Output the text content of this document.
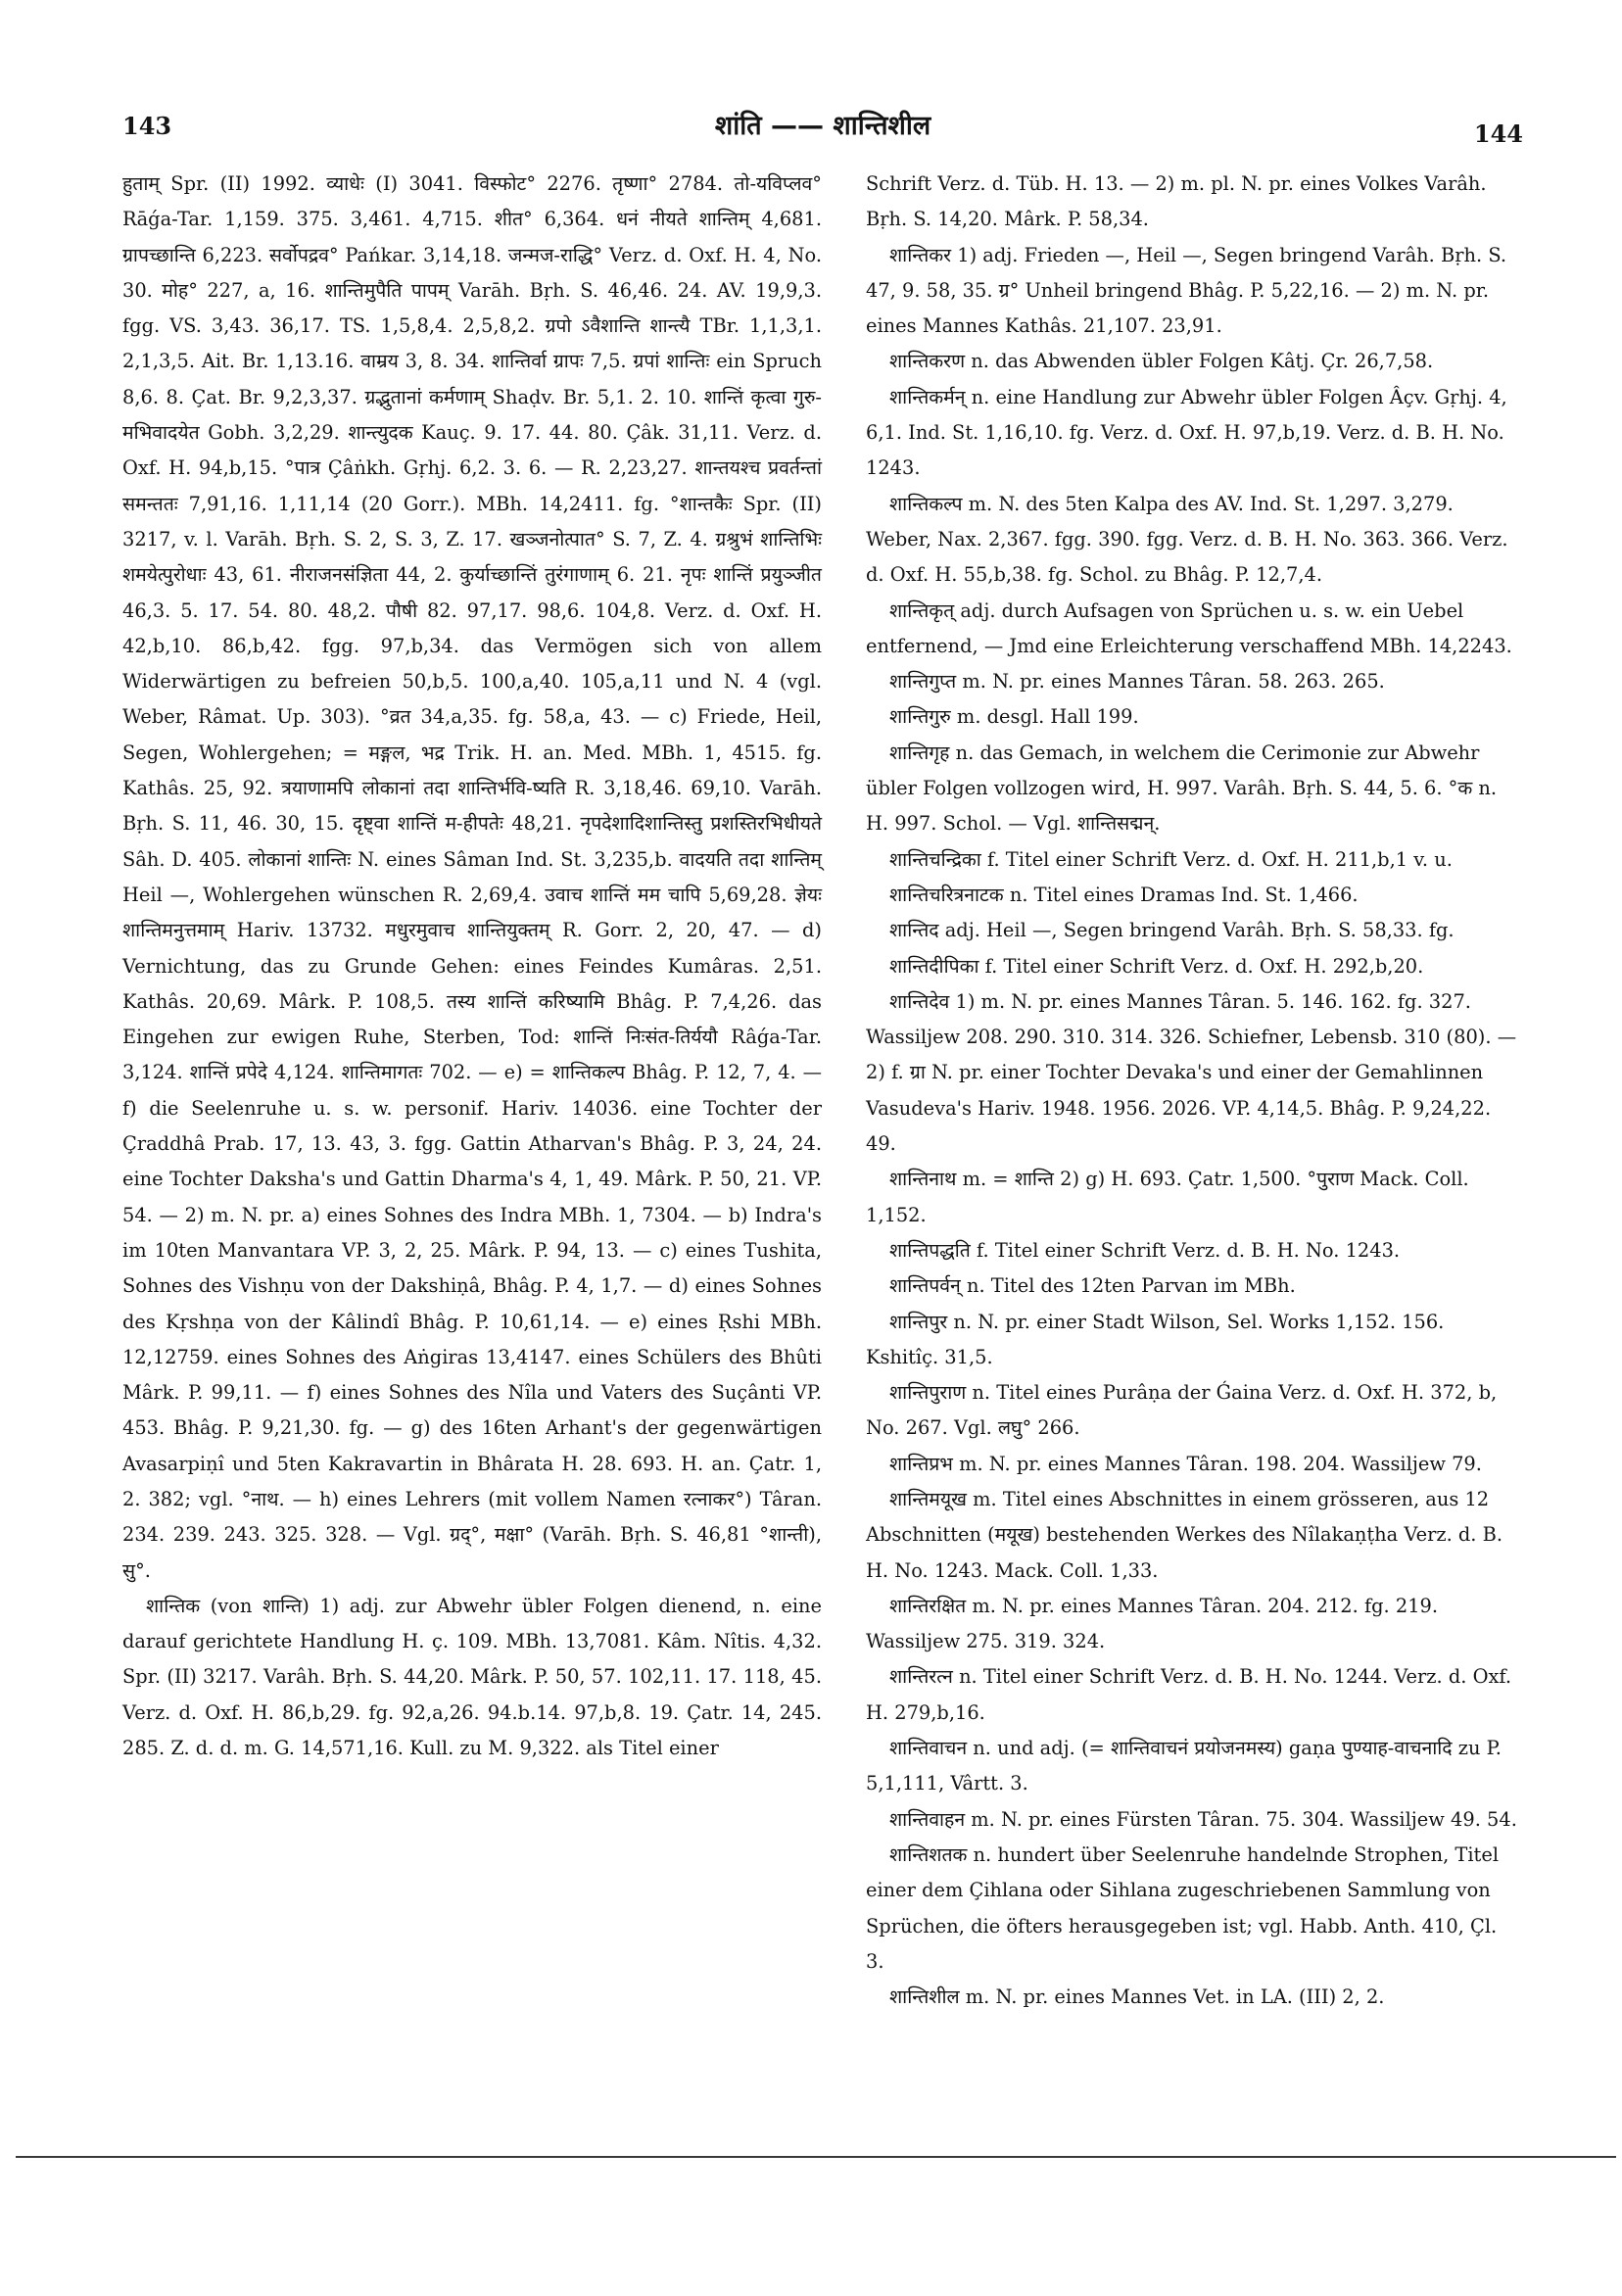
143	शांति —— शान्तिशील	144

हुताम् Spr. (II) 1992. व्याधेः (I) 3041. विस्फोट° 2276. तृष्णा° 2784. तो-यविप्लव° Rāǵa-Tar. 1,159. 375. 3,461. 4,715. शीत° 6,364. धनं नीयते शान्तिम् 4,681. ग्रापच्छान्ति 6,223. सर्वोपद्रव° Pańkar. 3,14,18. जन्मज-राद्धि° Verz. d. Oxf. H. 4, No. 30. मोह° 227, a, 16. शान्तिमुपैति पापम् Varāh. Bṛh. S. 46,46. 24. AV. 19,9,3. fgg. VS. 3,43. 36,17. TS. 1,5,8,4. 2,5,8,2. ग्रपो ऽवैशान्ति शान्त्यै TBr. 1,1,3,1. 2,1,3,5. Ait. Br. 1,13.16. वाम्रय 3, 8. 34. शान्तिर्वा ग्रापः 7,5. ग्रपां शान्तिः ein Spruch 8,6. 8. Çat. Br. 9,2,3,37. ग्रद्भुतानां कर्मणाम् Shaḍv. Br. 5,1. 2. 10. शान्तिं कृत्वा गुरु-मभिवादयेत Gobh. 3,2,29. शान्त्युदक Kauç. 9. 17. 44. 80. Çâk. 31,11. Verz. d. Oxf. H. 94,b,15. °पात्र Çâṅkh. Gṛhj. 6,2. 3. 6. — R. 2,23,27. शान्तयश्च प्रवर्तन्तां समन्ततः 7,91,16. 1,11,14 (20 Gorr.). MBh. 14,2411. fg. °शान्तकैः Spr. (II) 3217, v. l. Varāh. Bṛh. S. 2, S. 3, Z. 17. खञ्जनोत्पात° S. 7, Z. 4. ग्रश्रुभं शान्तिभिः शमयेत्पुरोधाः 43, 61. नीराजनसंज्ञिता 44, 2. कुर्याच्छान्तिं तुरंगाणाम् 6. 21. नृपः शान्तिं प्रयुञ्जीत 46,3. 5. 17. 54. 80. 48,2. पौषी 82. 97,17. 98,6. 104,8. Verz. d. Oxf. H. 42,b,10. 86,b,42. fgg. 97,b,34. das Vermögen sich von allem Widerwärtigen zu befreien 50,b,5. 100,a,40. 105,a,11 und N. 4 (vgl. Weber, Râmat. Up. 303). °व्रत 34,a,35. fg. 58,a, 43. — c) Friede, Heil, Segen, Wohlergehen; = मङ्गल, भद्र Trik. H. an. Med. MBh. 1, 4515. fg. Kathâs. 25, 92. त्रयाणामपि लोकानां तदा शान्तिर्भवि-ष्यति R. 3,18,46. 69,10. Varāh. Bṛh. S. 11, 46. 30, 15. दृष्ट्वा शान्तिं म-हीपतेः 48,21. नृपदेशादिशान्तिस्तु प्रशस्तिरभिधीयते Sâh. D. 405. लोकानां शान्तिः N. eines Sâman Ind. St. 3,235,b. वादयति तदा शान्तिम् Heil —, Wohlergehen wünschen R. 2,69,4. उवाच शान्तिं मम चापि 5,69,28. ज्ञेयः शान्तिमनुत्तमाम् Hariv. 13732. मधुरमुवाच शान्तियुक्तम् R. Gorr. 2, 20, 47. — d) Vernichtung, das zu Grunde Gehen: eines Feindes Kumâras. 2,51. Kathâs. 20,69. Mârk. P. 108,5. तस्य शान्तिं करिष्यामि Bhâg. P. 7,4,26. das Eingehen zur ewigen Ruhe, Sterben, Tod: शान्तिं निःसंत-तिर्ययौ Râǵa-Tar. 3,124. शान्तिं प्रपेदे 4,124. शान्तिमागतः 702. — e) = शान्तिकल्प Bhâg. P. 12, 7, 4. — f) die Seelenruhe u. s. w. personif. Hariv. 14036. eine Tochter der Çraddhâ Prab. 17, 13. 43, 3. fgg. Gattin Atharvan's Bhâg. P. 3, 24, 24. eine Tochter Daksha's und Gattin Dharma's 4, 1, 49. Mârk. P. 50, 21. VP. 54. — 2) m. N. pr. a) eines Sohnes des Indra MBh. 1, 7304. — b) Indra's im 10ten Manvantara VP. 3, 2, 25. Mârk. P. 94, 13. — c) eines Tushita, Sohnes des Vishṇu von der Dakshiṇâ, Bhâg. P. 4, 1,7. — d) eines Sohnes des Kṛshṇa von der Kâlindî Bhâg. P. 10,61,14. — e) eines Ṛshi MBh. 12,12759. eines Sohnes des Aṅgiras 13,4147. eines Schülers des Bhûti Mârk. P. 99,11. — f) eines Sohnes des Nîla und Vaters des Suçânti VP. 453. Bhâg. P. 9,21,30. fg. — g) des 16ten Arhant's der gegenwärtigen Avasarpiṇî und 5ten Kakravartin in Bhârata H. 28. 693. H. an. Çatr. 1, 2. 382; vgl. °नाथ. — h) eines Lehrers (mit vollem Namen रत्नाकर°) Târan. 234. 239. 243. 325. 328. — Vgl. ग्रद्°, मक्षा° (Varāh. Bṛh. S. 46,81 °शान्ती), सु°.

शान्तिक (von शान्ति) 1) adj. zur Abwehr übler Folgen dienend, n. eine darauf gerichtete Handlung H. ç. 109. MBh. 13,7081. Kâm. Nîtis. 4,32. Spr. (II) 3217. Varâh. Bṛh. S. 44,20. Mârk. P. 50, 57. 102,11. 17. 118, 45. Verz. d. Oxf. H. 86,b,29. fg. 92,a,26. 94.b.14. 97,b,8. 19. Çatr. 14, 245. 285. Z. d. d. m. G. 14,571,16. Kull. zu M. 9,322. als Titel einer

Schrift Verz. d. Tüb. H. 13. — 2) m. pl. N. pr. eines Volkes Varâh. Bṛh. S. 14,20. Mârk. P. 58,34.

शान्तिकर 1) adj. Frieden —, Heil —, Segen bringend Varâh. Bṛh. S. 47, 9. 58, 35. ग्र° Unheil bringend Bhâg. P. 5,22,16. — 2) m. N. pr. eines Mannes Kathâs. 21,107. 23,91.

शान्तिकरण n. das Abwenden übler Folgen Kâtj. Çr. 26,7,58.

शान्तिकर्मन् n. eine Handlung zur Abwehr übler Folgen Âçv. Gṛhj. 4, 6,1. Ind. St. 1,16,10. fg. Verz. d. Oxf. H. 97,b,19. Verz. d. B. H. No. 1243.

शान्तिकल्प m. N. des 5ten Kalpa des AV. Ind. St. 1,297. 3,279. Weber, Nax. 2,367. fgg. 390. fgg. Verz. d. B. H. No. 363. 366. Verz. d. Oxf. H. 55,b,38. fg. Schol. zu Bhâg. P. 12,7,4.

शान्तिकृत् adj. durch Aufsagen von Sprüchen u. s. w. ein Uebel entfernend, — Jmd eine Erleichterung verschaffend MBh. 14,2243.

शान्तिगुप्त m. N. pr. eines Mannes Târan. 58. 263. 265.

शान्तिगुरु m. desgl. Hall 199.

शान्तिगृह n. das Gemach, in welchem die Cerimonie zur Abwehr übler Folgen vollzogen wird, H. 997. Varâh. Bṛh. S. 44, 5. 6. °क n. H. 997. Schol. — Vgl. शान्तिसद्मन्.

शान्तिचन्द्रिका f. Titel einer Schrift Verz. d. Oxf. H. 211,b,1 v. u.

शान्तिचरित्रनाटक n. Titel eines Dramas Ind. St. 1,466.

शान्तिद adj. Heil —, Segen bringend Varâh. Bṛh. S. 58,33. fg.

शान्तिदीपिका f. Titel einer Schrift Verz. d. Oxf. H. 292,b,20.

शान्तिदेव 1) m. N. pr. eines Mannes Târan. 5. 146. 162. fg. 327. Wassiljew 208. 290. 310. 314. 326. Schiefner, Lebensb. 310 (80). — 2) f. ग्रा N. pr. einer Tochter Devaka's und einer der Gemahlinnen Vasudeva's Hariv. 1948. 1956. 2026. VP. 4,14,5. Bhâg. P. 9,24,22. 49.

शान्तिनाथ m. = शान्ति 2) g) H. 693. Çatr. 1,500. °पुराण Mack. Coll. 1,152.

शान्तिपद्धति f. Titel einer Schrift Verz. d. B. H. No. 1243.

शान्तिपर्वन् n. Titel des 12ten Parvan im MBh.

शान्तिपुर n. N. pr. einer Stadt Wilson, Sel. Works 1,152. 156. Kshitîç. 31,5.

शान्तिपुराण n. Titel eines Purâṇa der Ǵaina Verz. d. Oxf. H. 372, b, No. 267. Vgl. लघु° 266.

शान्तिप्रभ m. N. pr. eines Mannes Târan. 198. 204. Wassiljew 79.

शान्तिमयूख m. Titel eines Abschnittes in einem grösseren, aus 12 Abschnitten (मयूख) bestehenden Werkes des Nîlakaṇṭha Verz. d. B. H. No. 1243. Mack. Coll. 1,33.

शान्तिरक्षित m. N. pr. eines Mannes Târan. 204. 212. fg. 219. Wassiljew 275. 319. 324.

शान्तिरत्न n. Titel einer Schrift Verz. d. B. H. No. 1244. Verz. d. Oxf. H. 279,b,16.

शान्तिवाचन n. und adj. (= शान्तिवाचनं प्रयोजनमस्य) gaṇa पुण्याह-वाचनादि zu P. 5,1,111, Vârtt. 3.

शान्तिवाहन m. N. pr. eines Fürsten Târan. 75. 304. Wassiljew 49. 54.

शान्तिशतक n. hundert über Seelenruhe handelnde Strophen, Titel einer dem Çihlana oder Sihlana zugeschriebenen Sammlung von Sprüchen, die öfters herausgegeben ist; vgl. Habb. Anth. 410, Çl. 3.

शान्तिशील m. N. pr. eines Mannes Vet. in LA. (III) 2, 2.
